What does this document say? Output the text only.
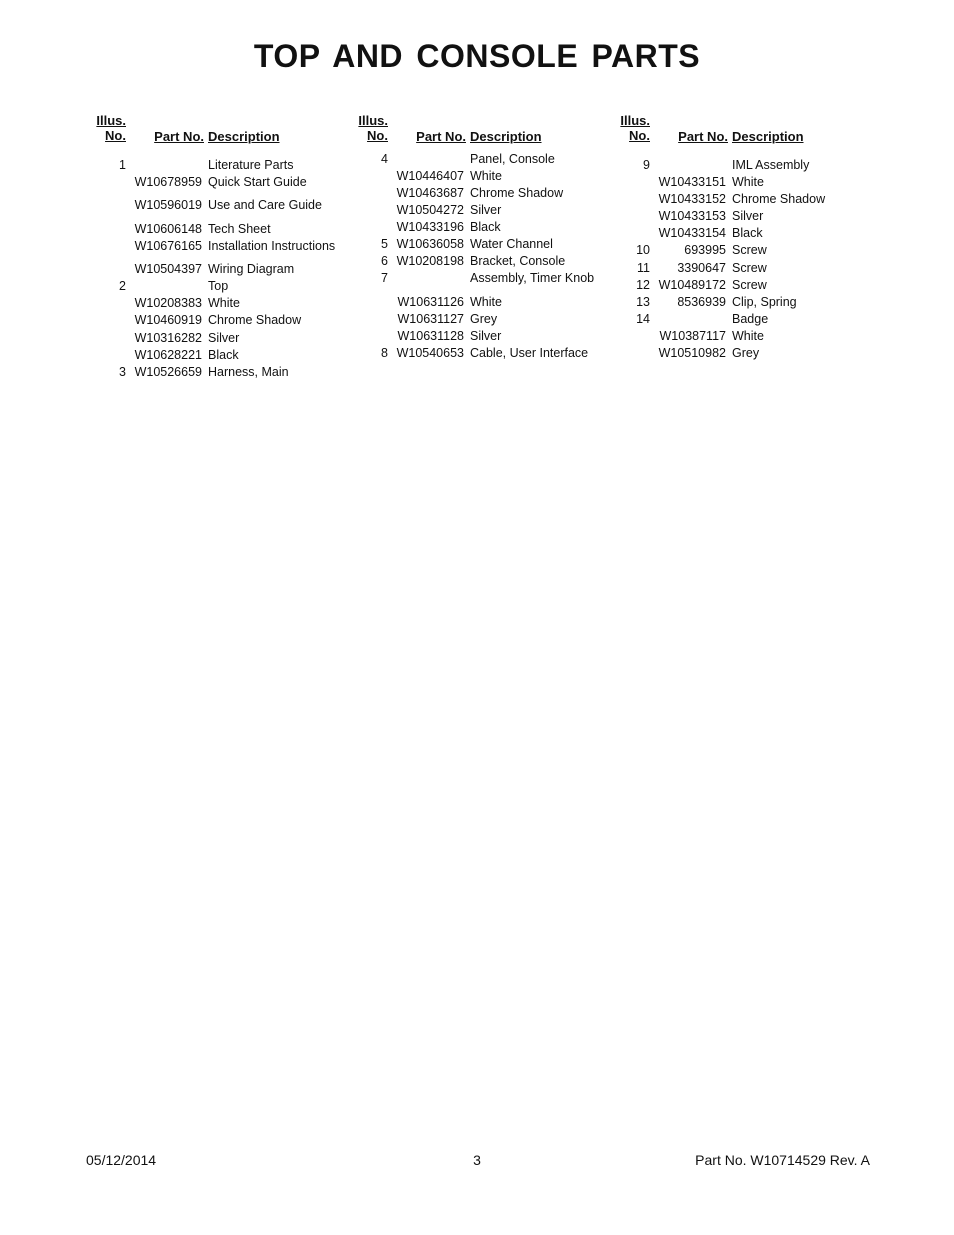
TOP AND CONSOLE PARTS
Illus.
No.	Part No. Description
1	Literature Parts
W10678959 Quick Start Guide
W10596019 Use and Care Guide
W10606148 Tech Sheet
W10676165 Installation Instructions
W10504397 Wiring Diagram
2	Top
W10208383 White
W10460919 Chrome Shadow
W10316282 Silver
W10628221 Black
3 W10526659 Harness, Main
Illus.
No.	Part No. Description
4	Panel, Console
W10446407 White
W10463687 Chrome Shadow
W10504272 Silver
W10433196 Black
5 W10636058 Water Channel
6 W10208198 Bracket, Console
7	Assembly, Timer Knob
W10631126 White
W10631127 Grey
W10631128 Silver
8 W10540653 Cable, User Interface
Illus.
No.	Part No. Description
9	IML Assembly
W10433151 White
W10433152 Chrome Shadow
W10433153 Silver
W10433154 Black
10	693995 Screw
11	3390647 Screw
12 W10489172 Screw
13	8536939 Clip, Spring
14	Badge
W10387117 White
W10510982 Grey
05/12/2014	3	Part No. W10714529 Rev. A
